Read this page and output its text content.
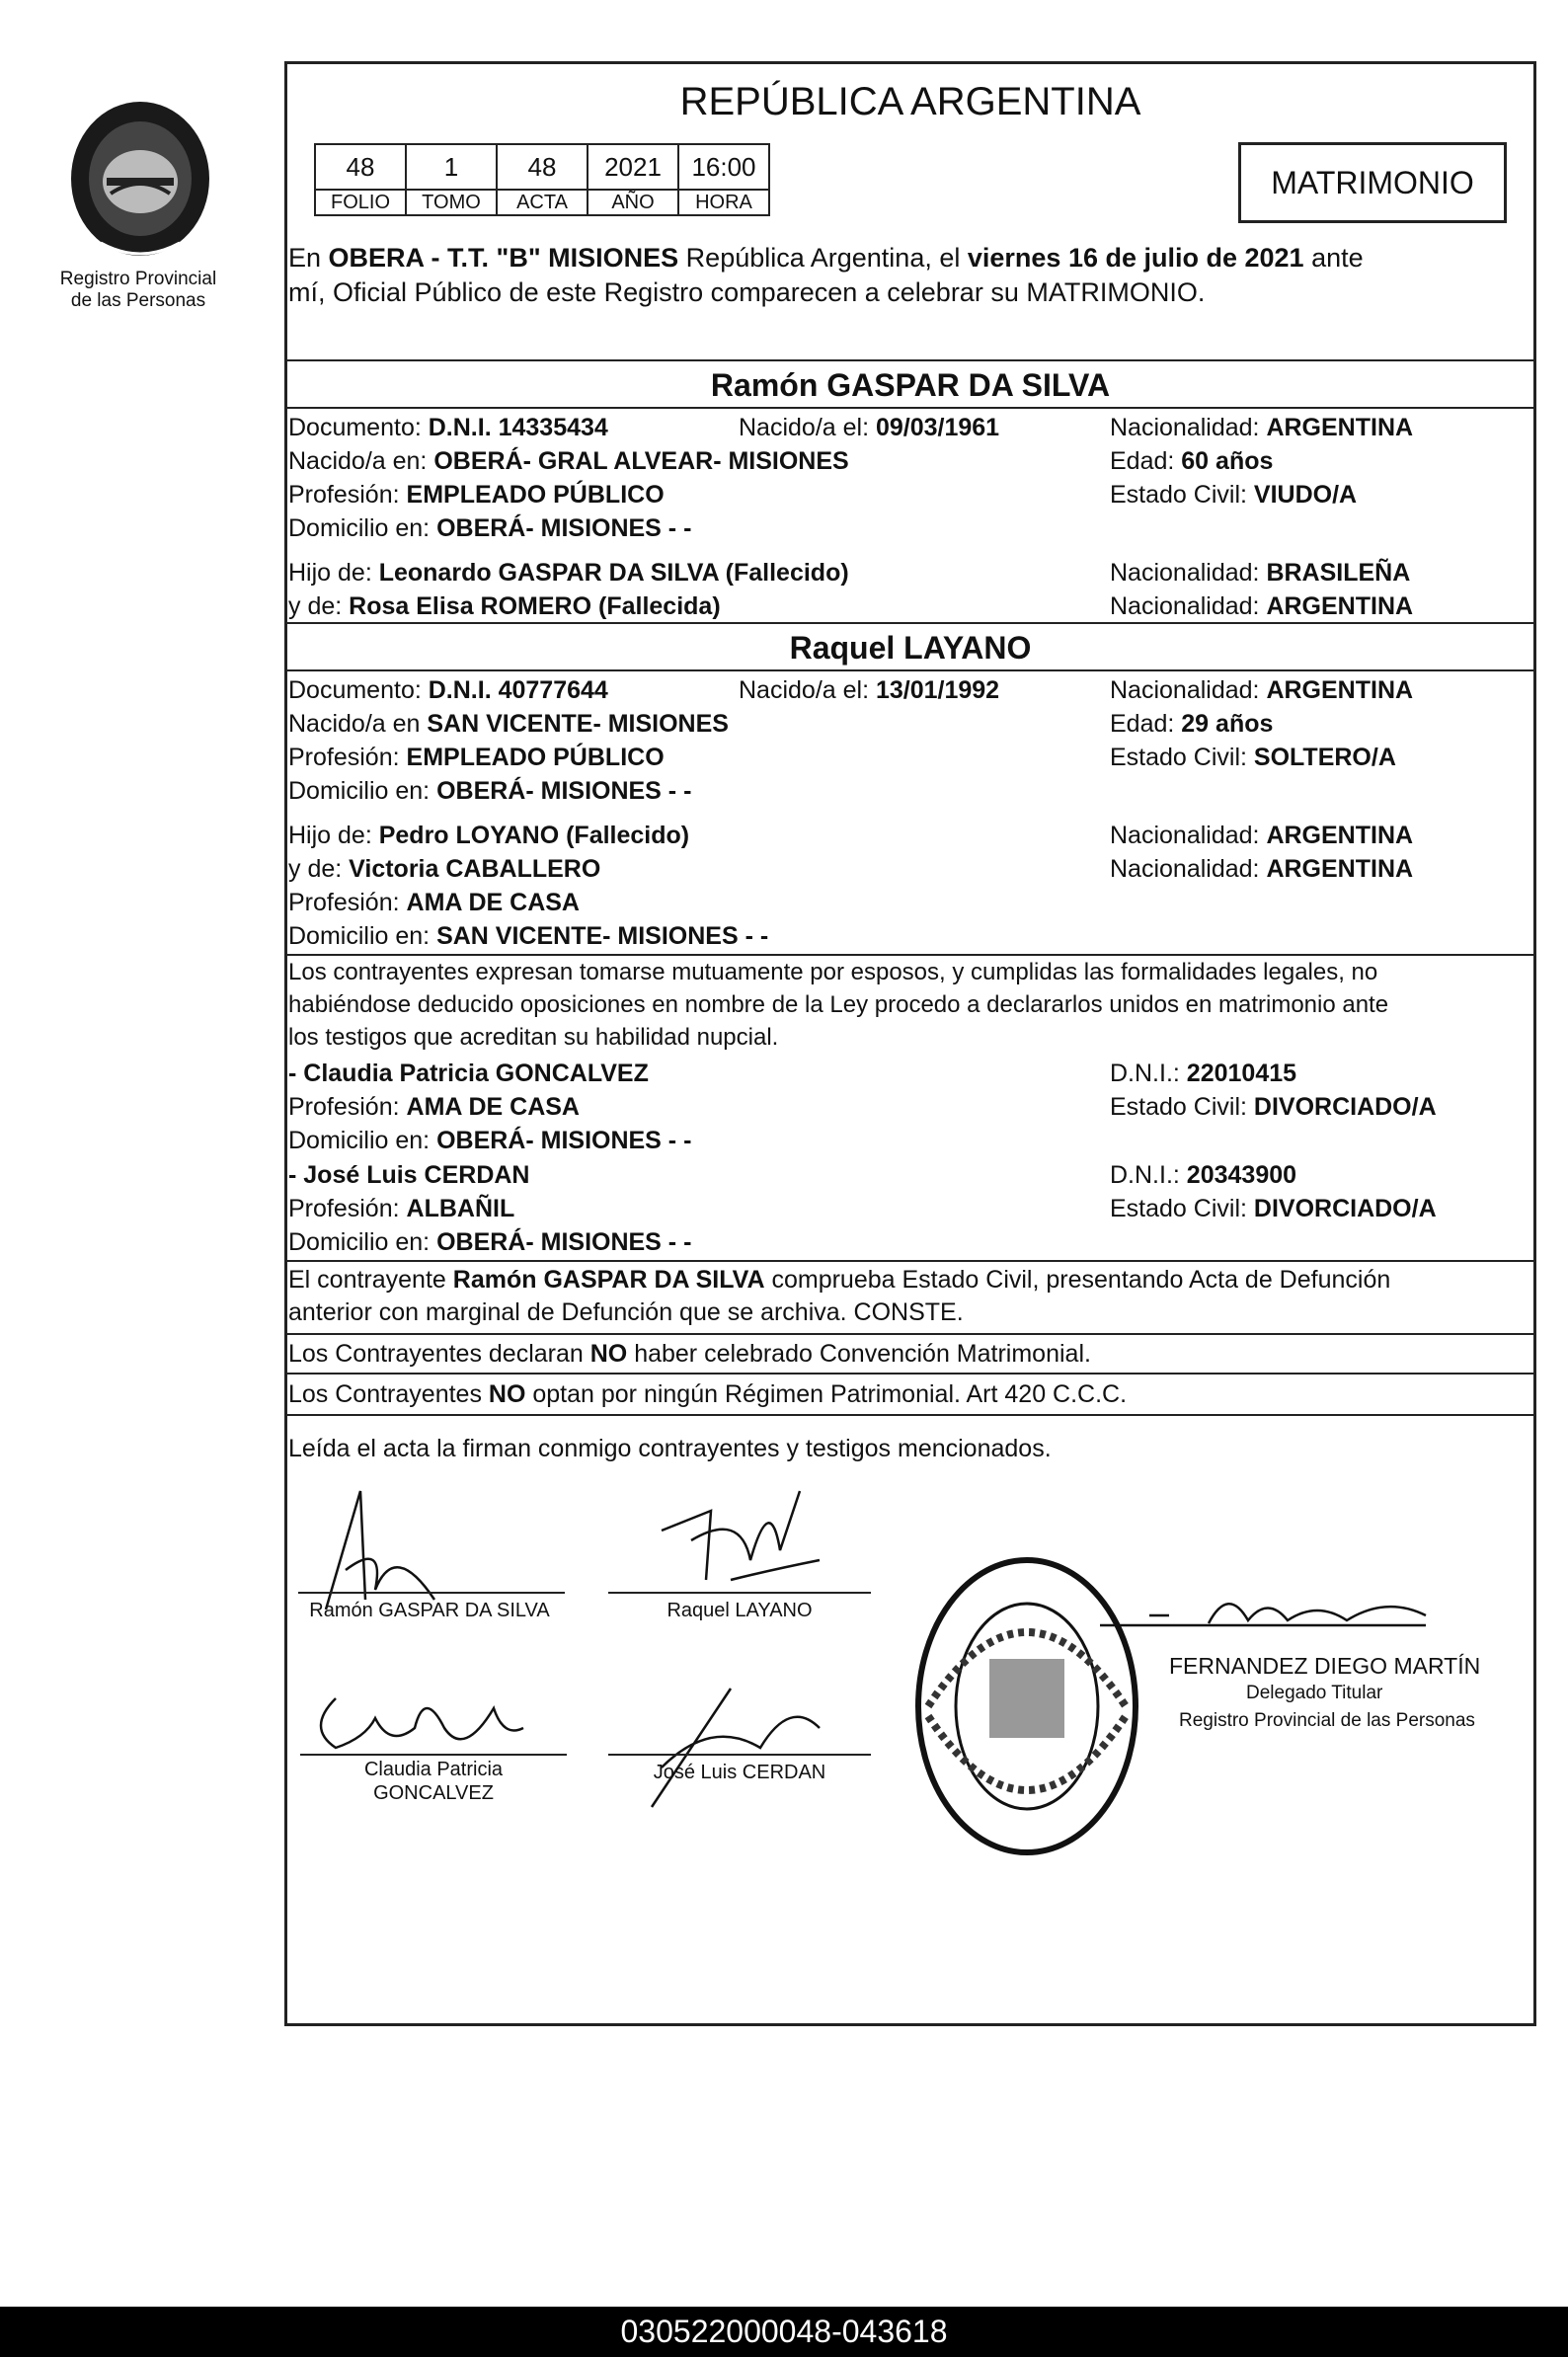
Registro Provincial
de las Personas
REPÚBLICA ARGENTINA
48	1	48	2021	16:00
FOLIO	TOMO	ACTA	AÑO	HORA
MATRIMONIO
En OBERA - T.T. "B" MISIONES República Argentina, el viernes 16 de julio de 2021 ante
mí, Oficial Público de este Registro comparecen a celebrar su MATRIMONIO.
Ramón GASPAR DA SILVA
Documento: D.N.I. 14335434	Nacido/a el: 09/03/1961	Nacionalidad: ARGENTINA
Nacido/a en: OBERÁ- GRAL ALVEAR- MISIONES	Edad: 60 años
Profesión: EMPLEADO PÚBLICO	Estado Civil: VIUDO/A
Domicilio en: OBERÁ- MISIONES - -
Hijo de: Leonardo GASPAR DA SILVA (Fallecido)	Nacionalidad: BRASILEÑA
y de: Rosa Elisa ROMERO (Fallecida)	Nacionalidad: ARGENTINA
Raquel LAYANO
Documento: D.N.I. 40777644	Nacido/a el: 13/01/1992	Nacionalidad: ARGENTINA
Nacido/a en SAN VICENTE- MISIONES	Edad: 29 años
Profesión: EMPLEADO PÚBLICO	Estado Civil: SOLTERO/A
Domicilio en: OBERÁ- MISIONES - -
Hijo de: Pedro LOYANO (Fallecido)	Nacionalidad: ARGENTINA
y de: Victoria CABALLERO	Nacionalidad: ARGENTINA
Profesión: AMA DE CASA
Domicilio en: SAN VICENTE- MISIONES - -
Los contrayentes expresan tomarse mutuamente por esposos, y cumplidas las formalidades legales, no
habiéndose deducido oposiciones en nombre de la Ley procedo a declararlos unidos en matrimonio ante
los testigos que acreditan su habilidad nupcial.
- Claudia Patricia GONCALVEZ	D.N.I.: 22010415
Profesión: AMA DE CASA	Estado Civil: DIVORCIADO/A
Domicilio en: OBERÁ- MISIONES - -
- José Luis CERDAN	D.N.I.: 20343900
Profesión: ALBAÑIL	Estado Civil: DIVORCIADO/A
Domicilio en: OBERÁ- MISIONES - -
El contrayente Ramón GASPAR DA SILVA comprueba Estado Civil, presentando Acta de Defunción
anterior con marginal de Defunción que se archiva. CONSTE.
Los Contrayentes declaran NO haber celebrado Convención Matrimonial.
Los Contrayentes NO optan por ningún Régimen Patrimonial. Art 420 C.C.C.
Leída el acta la firman conmigo contrayentes y testigos mencionados.
Ramón GASPAR DA SILVA	Raquel LAYANO
Claudia Patricia
GONCALVEZ
José Luis CERDAN
FERNANDEZ DIEGO MARTÍN
Delegado Titular
Registro Provincial de las Personas
030522000048-043618
